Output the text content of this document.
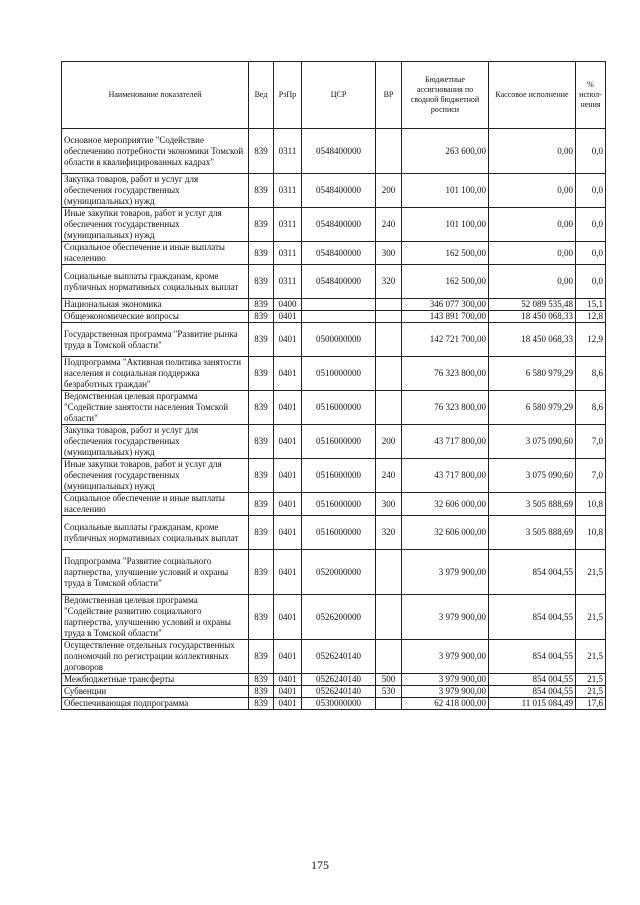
Наименование показателей	Вед	РзПр	ЦСР	ВР	Бюджетные ассигнования по сводной бюджетной росписи	Кассовое исполнение	% испол-нения
Основное мероприятие "Содействие обеспечению потребности экономики Томской области в квалифицированных кадрах"	839	0311	0548400000		263 600,00	0,00	0,0
Закупка товаров, работ и услуг для обеспечения государственных (муниципальных) нужд	839	0311	0548400000	200	101 100,00	0,00	0,0
Иные закупки товаров, работ и услуг для обеспечения государственных (муниципальных) нужд	839	0311	0548400000	240	101 100,00	0,00	0,0
Социальное обеспечение и иные выплаты населению	839	0311	0548400000	300	162 500,00	0,00	0,0
Социальные выплаты гражданам, кроме публичных нормативных социальных выплат	839	0311	0548400000	320	162 500,00	0,00	0,0
Национальная экономика	839	0400			346 077 300,00	52 089 535,48	15,1
Общеэкономические вопросы	839	0401			143 891 700,00	18 450 068,33	12,8
Государственная программа "Развитие рынка труда в Томской области"	839	0401	0500000000		142 721 700,00	18 450 068,33	12,9
Подпрограмма "Активная политика занятости населения и социальная поддержка безработных граждан"	839	0401	0510000000		76 323 800,00	6 580 979,29	8,6
Ведомственная целевая программа "Содействие занятости населения Томской области"	839	0401	0516000000		76 323 800,00	6 580 979,29	8,6
Закупка товаров, работ и услуг для обеспечения государственных (муниципальных) нужд	839	0401	0516000000	200	43 717 800,00	3 075 090,60	7,0
Иные закупки товаров, работ и услуг для обеспечения государственных (муниципальных) нужд	839	0401	0516000000	240	43 717 800,00	3 075 090,60	7,0
Социальное обеспечение и иные выплаты населению	839	0401	0516000000	300	32 606 000,00	3 505 888,69	10,8
Социальные выплаты гражданам, кроме публичных нормативных социальных выплат	839	0401	0516000000	320	32 606 000,00	3 505 888,69	10,8
Подпрограмма "Развитие социального партнерства, улучшение условий и охраны труда в Томской области"	839	0401	0520000000		3 979 900,00	854 004,55	21,5
Ведомственная целевая программа "Содействие развитию социального партнерства, улучшению условий и охраны труда в Томской области"	839	0401	0526200000		3 979 900,00	854 004,55	21,5
Осуществление отдельных государственных полномочий по регистрации коллективных договоров	839	0401	0526240140		3 979 900,00	854 004,55	21,5
Межбюджетные трансферты	839	0401	0526240140	500	3 979 900,00	854 004,55	21,5
Субвенции	839	0401	0526240140	530	3 979 900,00	854 004,55	21,5
Обеспечивающая подпрограмма	839	0401	0530000000		62 418 000,00	11 015 084,49	17,6
175
